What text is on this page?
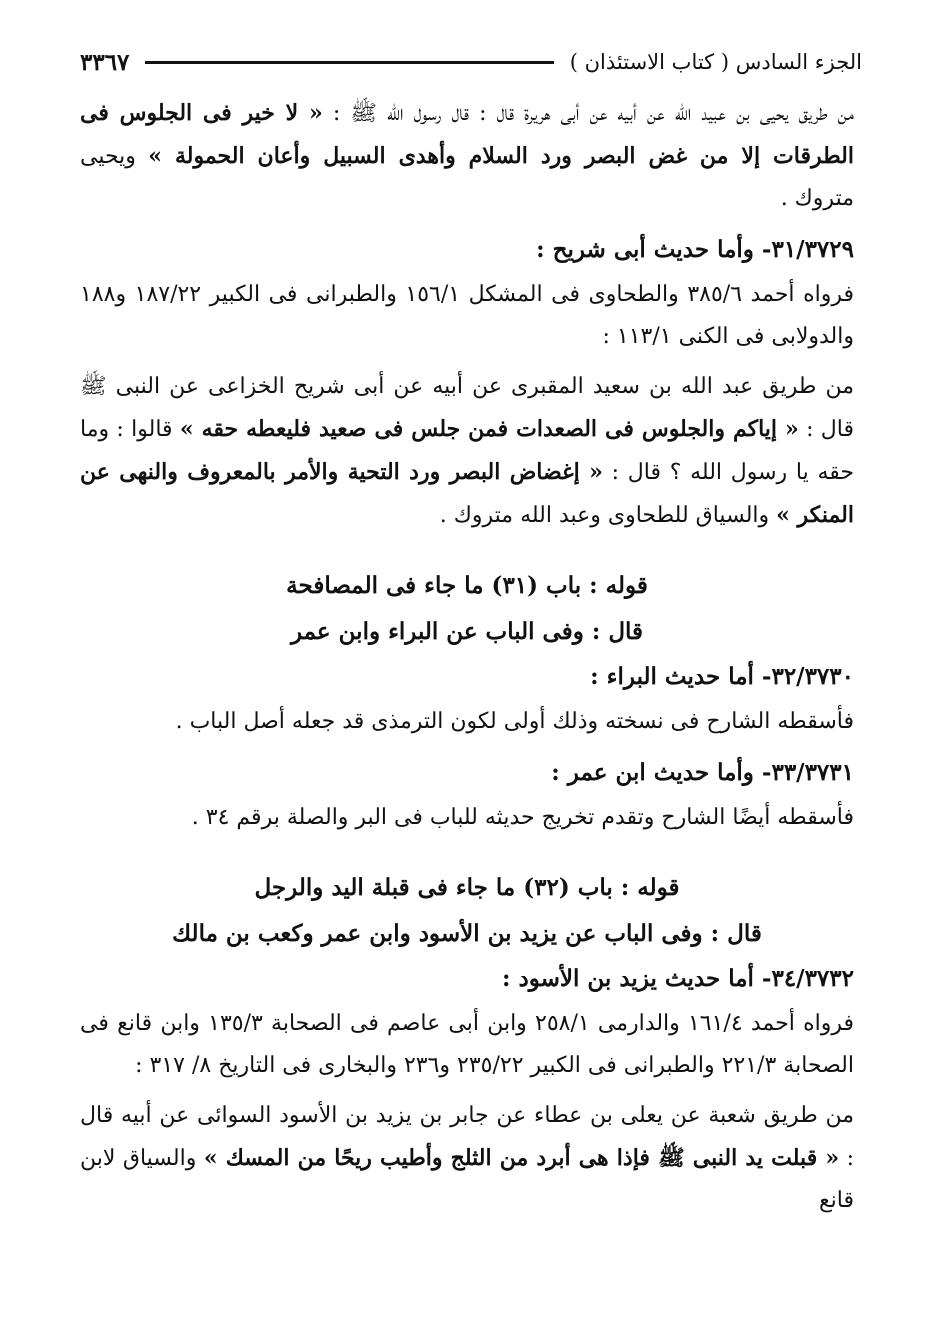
الجزء السادس ( كتاب الاستئذان )
٣٣٦٧

من طريق يحيى بن عبيد الله عن أبيه عن أبى هريرة قال : قال رسول الله ﷺ : « لا خير فى الجلوس فى الطرقات إلا من غض البصر ورد السلام وأهدى السبيل وأعان الحمولة » ويحيى متروك .

٣١/٣٧٢٩- وأما حديث أبى شريح :

فرواه أحمد ٣٨٥/٦ والطحاوى فى المشكل ١٥٦/١ والطبرانى فى الكبير ١٨٧/٢٢ و١٨٨ والدولابى فى الكنى ١١٣/١ :

من طريق عبد الله بن سعيد المقبرى عن أبيه عن أبى شريح الخزاعى عن النبى ﷺ قال : « إياكم والجلوس فى الصعدات فمن جلس فى صعيد فليعطه حقه » قالوا : وما حقه يا رسول الله ؟ قال : « إغضاض البصر ورد التحية والأمر بالمعروف والنهى عن المنكر » والسياق للطحاوى وعبد الله متروك .

قوله : باب (٣١) ما جاء فى المصافحة
قال : وفى الباب عن البراء وابن عمر
٣٢/٣٧٣٠- أما حديث البراء :

فأسقطه الشارح فى نسخته وذلك أولى لكون الترمذى قد جعله أصل الباب .

٣٣/٣٧٣١- وأما حديث ابن عمر :

فأسقطه أيضًا الشارح وتقدم تخريج حديثه للباب فى البر والصلة برقم ٣٤ .

قوله : باب (٣٢) ما جاء فى قبلة اليد والرجل
قال : وفى الباب عن يزيد بن الأسود وابن عمر وكعب بن مالك
٣٤/٣٧٣٢- أما حديث يزيد بن الأسود :

فرواه أحمد ١٦١/٤ والدارمى ٢٥٨/١ وابن أبى عاصم فى الصحابة ١٣٥/٣ وابن قانع فى الصحابة ٢٢١/٣ والطبرانى فى الكبير ٢٣٥/٢٢ و٢٣٦ والبخارى فى التاريخ ٨/ ٣١٧ :

من طريق شعبة عن يعلى بن عطاء عن جابر بن يزيد بن الأسود السوائى عن أبيه قال : « قبلت يد النبى ﷺ فإذا هى أبرد من الثلج وأطيب ريحًا من المسك » والسياق لابن قانع
